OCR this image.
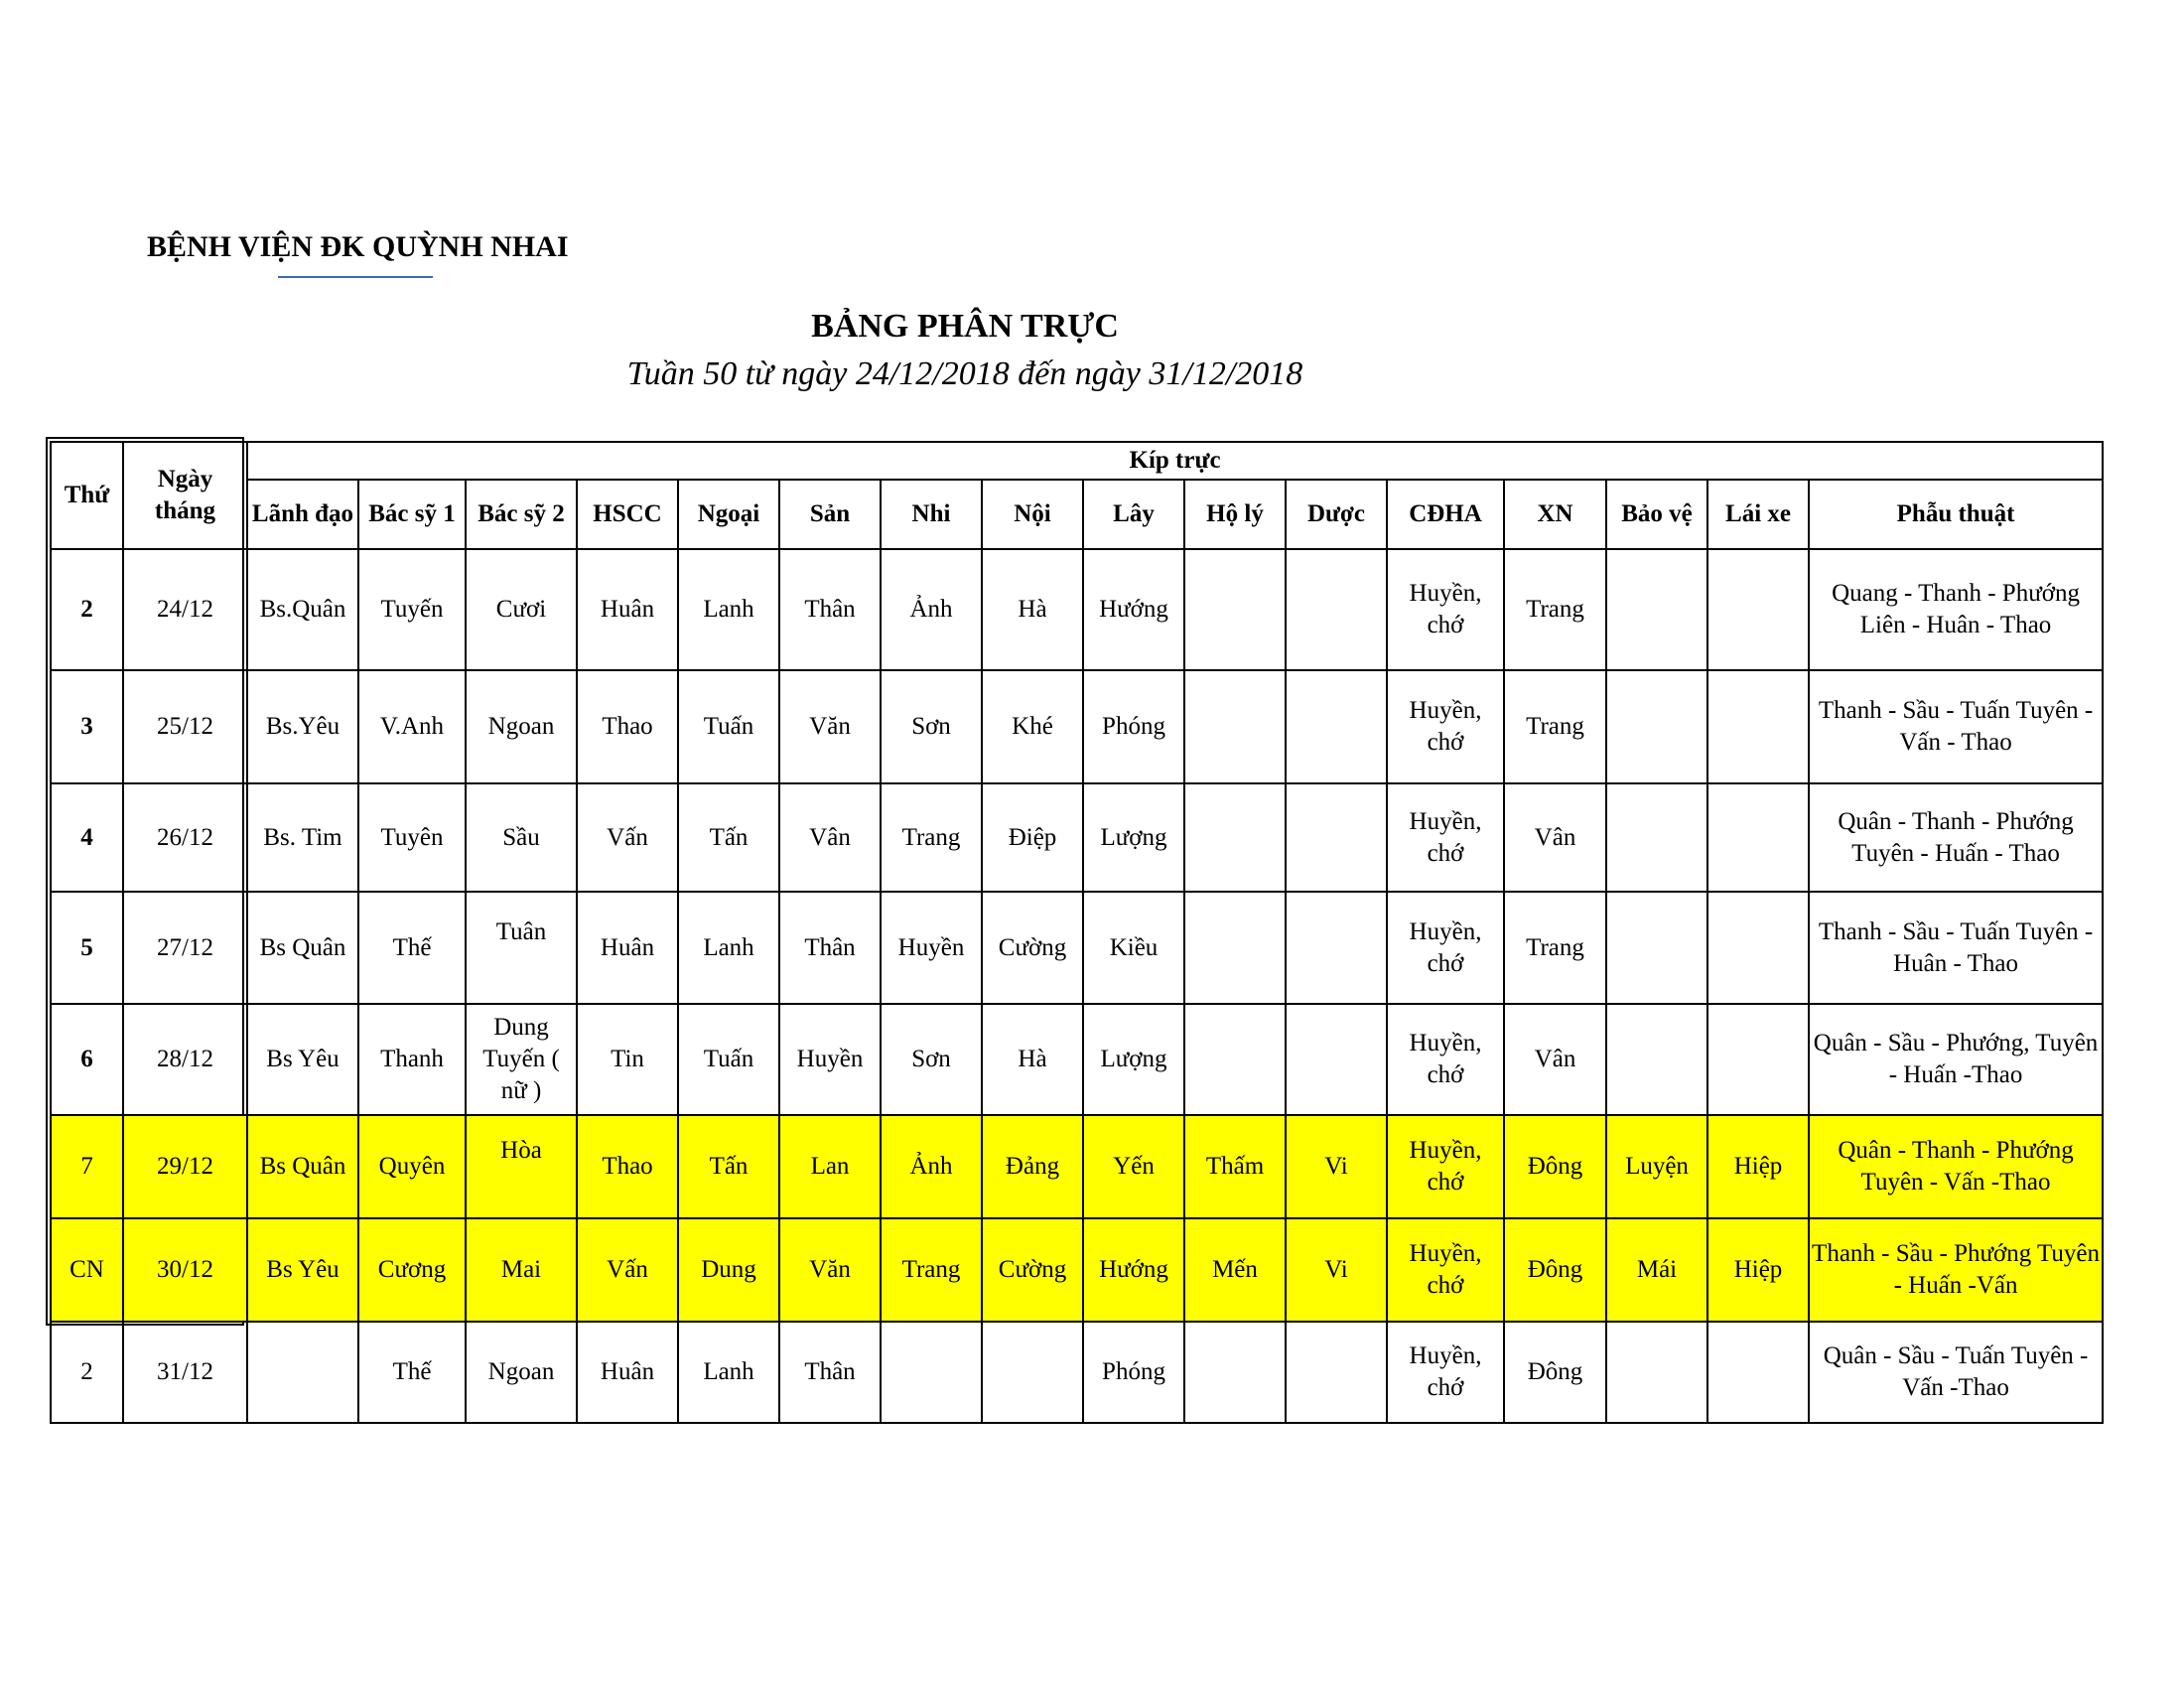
BỆNH VIỆN ĐK QUỲNH NHAI
BẢNG PHÂN TRỰC
Tuần 50 từ ngày 24/12/2018 đến ngày 31/12/2018
Thứ	Ngày tháng	Kíp trực															
		Lãnh đạo	Bác sỹ 1	Bác sỹ 2	HSCC	Ngoại	Sản	Nhi	Nội	Lây	Hộ lý	Dược	CĐHA	XN	Bảo vệ	Lái xe	Phẫu thuật
2	24/12	Bs.Quân	Tuyến	Cươi	Huân	Lanh	Thân	Ảnh	Hà	Hướng			Huyền, chớ	Trang			Quang - Thanh - Phướng Liên - Huân - Thao
3	25/12	Bs.Yêu	V.Anh	Ngoan	Thao	Tuấn	Văn	Sơn	Khé	Phóng			Huyền, chớ	Trang			Thanh - Sầu - Tuấn Tuyên - Vấn - Thao
4	26/12	Bs. Tim	Tuyên	Sầu	Vấn	Tấn	Vân	Trang	Điệp	Lượng			Huyền, chớ	Vân			Quân - Thanh - Phướng Tuyên - Huấn - Thao
5	27/12	Bs Quân	Thế	Tuân	Huân	Lanh	Thân	Huyền	Cường	Kiều			Huyền, chớ	Trang			Thanh - Sầu - Tuấn Tuyên - Huân - Thao
6	28/12	Bs Yêu	Thanh	Dung Tuyến ( nữ )	Tin	Tuấn	Huyền	Sơn	Hà	Lượng			Huyền, chớ	Vân			Quân - Sầu - Phướng, Tuyên - Huấn -Thao
7	29/12	Bs Quân	Quyên	Hòa	Thao	Tấn	Lan	Ảnh	Đảng	Yến	Thấm	Vi	Huyền, chớ	Đông	Luyện	Hiệp	Quân - Thanh - Phướng Tuyên - Vấn -Thao
CN	30/12	Bs Yêu	Cương	Mai	Vấn	Dung	Văn	Trang	Cường	Hướng	Mến	Vi	Huyền, chớ	Đông	Mái	Hiệp	Thanh - Sầu - Phướng Tuyên - Huấn -Vấn
2	31/12		Thế	Ngoan	Huân	Lanh	Thân			Phóng			Huyền, chớ	Đông			Quân - Sầu - Tuấn Tuyên - Vấn -Thao
